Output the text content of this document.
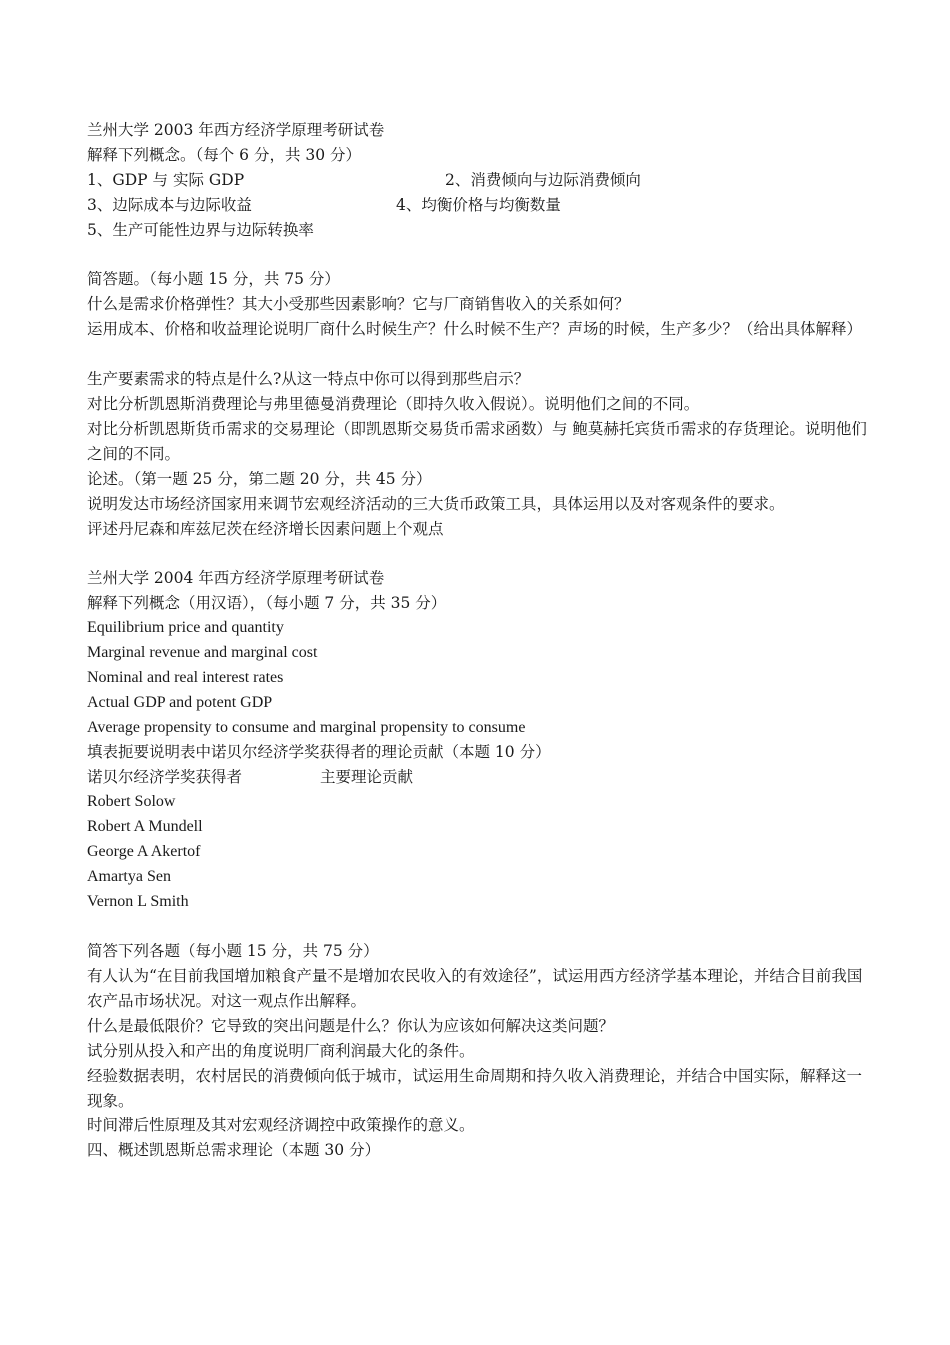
兰州大学 2003 年西方经济学原理考研试卷
解释下列概念。（每个 6 分，共 30 分）
1、GDP 与 实际 GDP	2、消费倾向与边际消费倾向
3、边际成本与边际收益	4、均衡价格与均衡数量
5、生产可能性边界与边际转换率
简答题。（每小题 15 分，共 75 分）
什么是需求价格弹性？其大小受那些因素影响？它与厂商销售收入的关系如何？
运用成本、价格和收益理论说明厂商什么时候生产？什么时候不生产？声场的时候，生产多少？（给出具体解释）
生产要素需求的特点是什么?从这一特点中你可以得到那些启示？
对比分析凯恩斯消费理论与弗里德曼消费理论（即持久收入假说）。说明他们之间的不同。
对比分析凯恩斯货币需求的交易理论（即凯恩斯交易货币需求函数）与 鲍莫赫托宾货币需求的存货理论。说明他们之间的不同。
论述。（第一题 25 分，第二题 20 分，共 45 分）
说明发达市场经济国家用来调节宏观经济活动的三大货币政策工具，具体运用以及对客观条件的要求。
评述丹尼森和库兹尼茨在经济增长因素问题上个观点
兰州大学 2004 年西方经济学原理考研试卷
解释下列概念（用汉语），（每小题 7 分，共 35 分）
Equilibrium price and quantity
Marginal revenue and marginal cost
Nominal and real interest rates
Actual GDP and potent GDP
Average propensity to consume and marginal propensity to consume
填表扼要说明表中诺贝尔经济学奖获得者的理论贡献（本题 10 分）
诺贝尔经济学奖获得者	主要理论贡献
Robert Solow
Robert A Mundell
George A Akertof
Amartya Sen
Vernon L Smith
简答下列各题（每小题 15 分，共 75 分）
有人认为“在目前我国增加粮食产量不是增加农民收入的有效途径”，试运用西方经济学基本理论，并结合目前我国农产品市场状况。对这一观点作出解释。
什么是最低限价？它导致的突出问题是什么？你认为应该如何解决这类问题？
试分别从投入和产出的角度说明厂商利润最大化的条件。
经验数据表明，农村居民的消费倾向低于城市，试运用生命周期和持久收入消费理论，并结合中国实际，解释这一现象。
时间滞后性原理及其对宏观经济调控中政策操作的意义。
四、概述凯恩斯总需求理论（本题 30 分）
